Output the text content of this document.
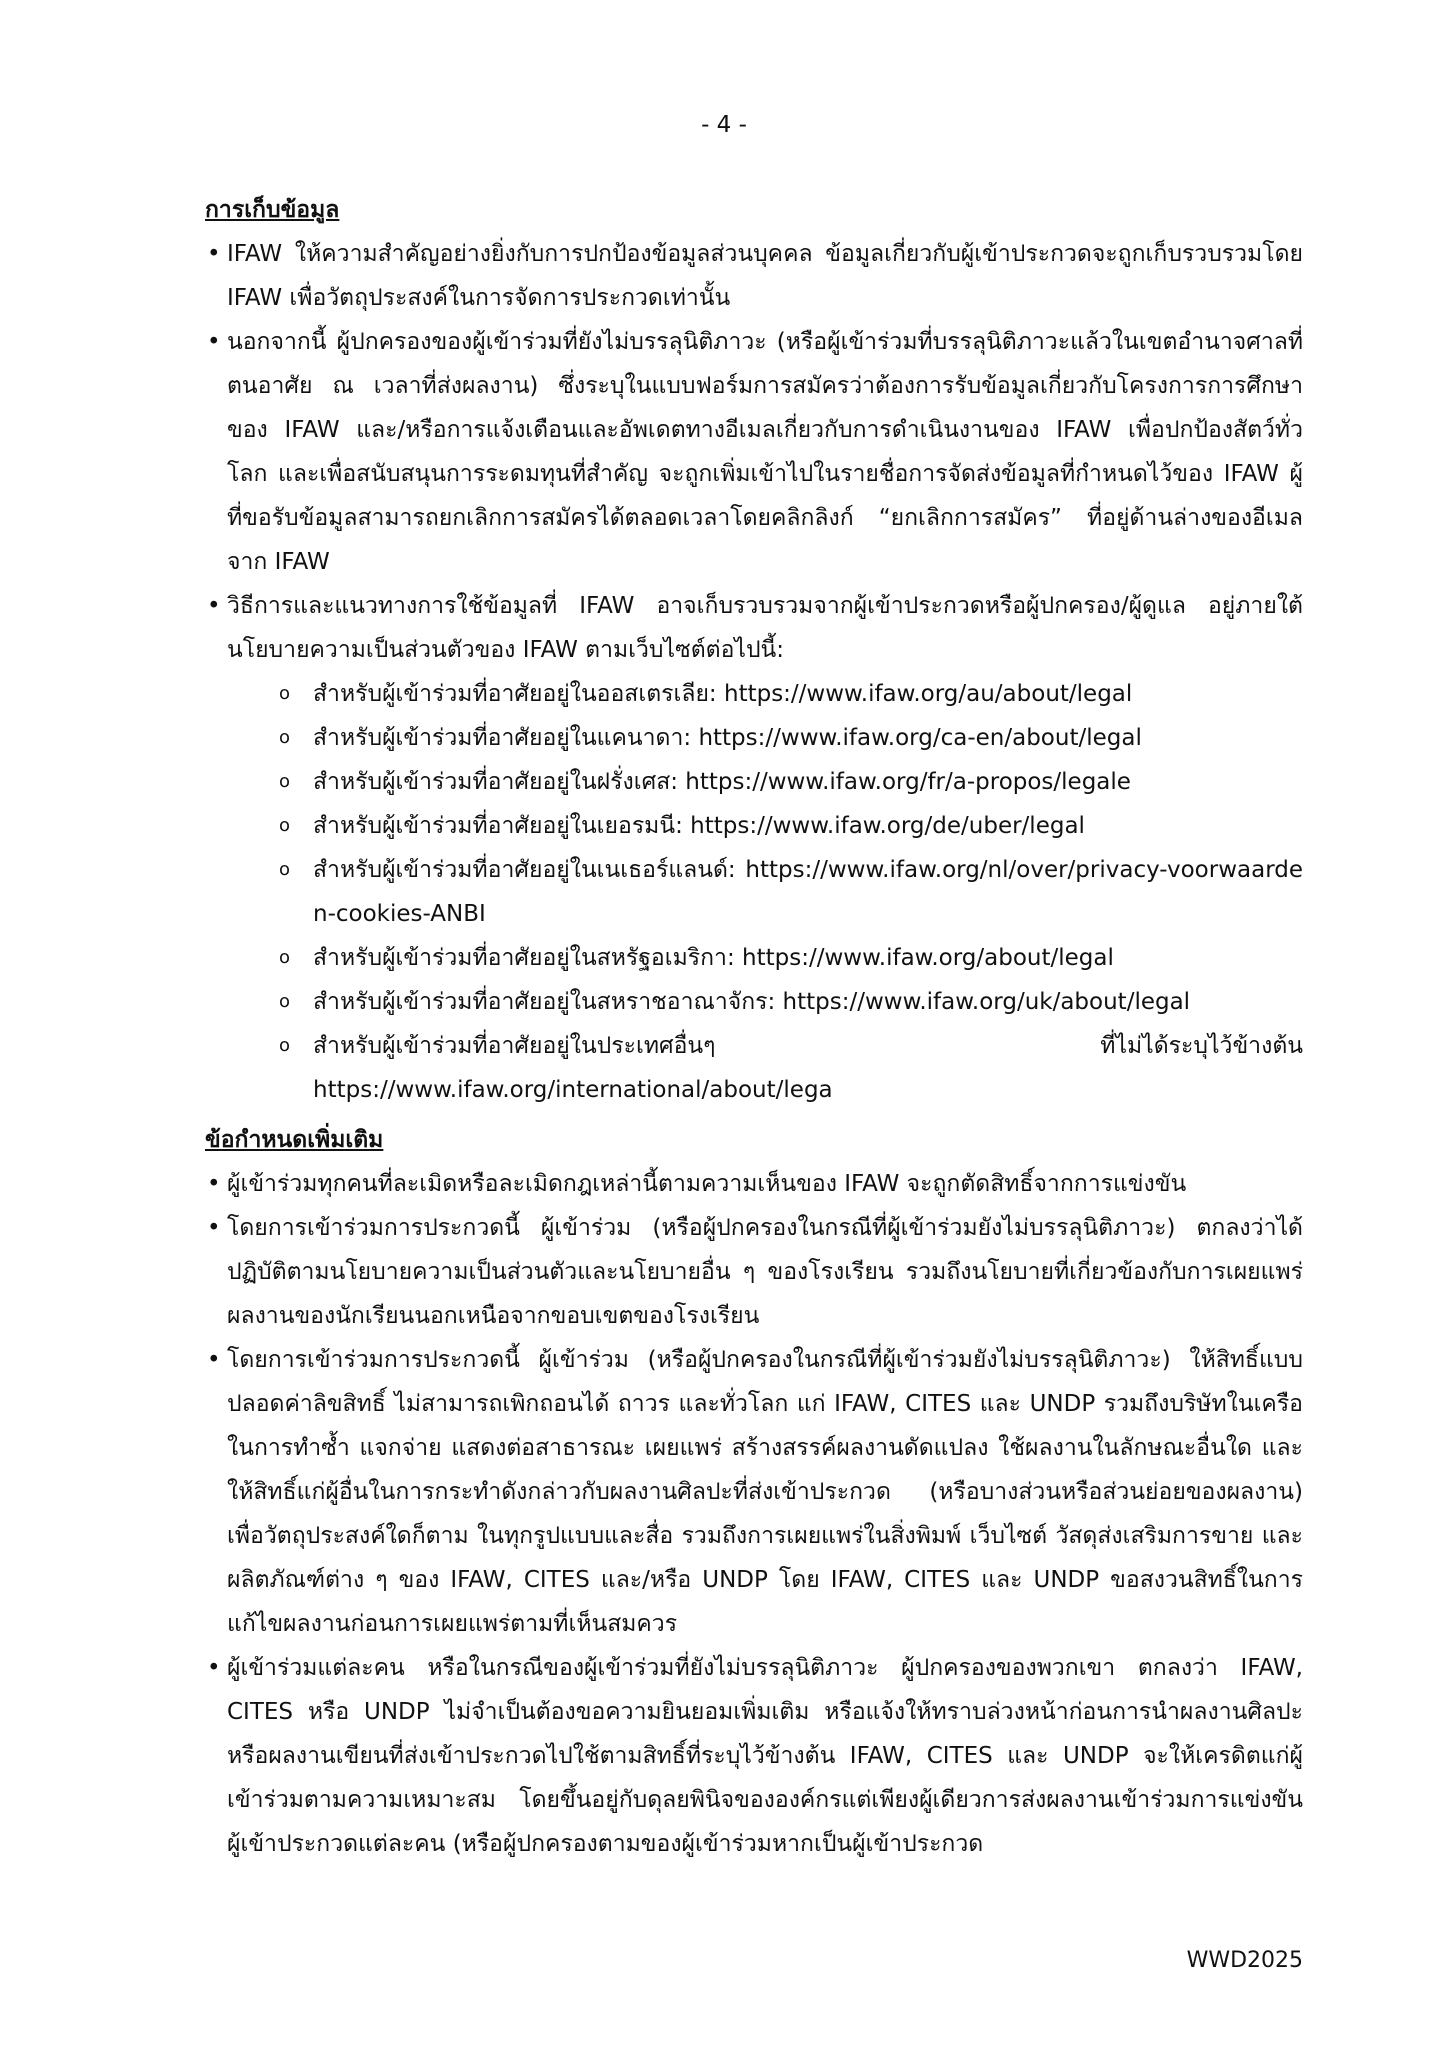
- 4 -
การเก็บข้อมูล
• IFAW ให้ความสำคัญอย่างยิ่งกับการปกป้องข้อมูลส่วนบุคคล ข้อมูลเกี่ยวกับผู้เข้าประกวดจะถูกเก็บรวบรวมโดย IFAW เพื่อวัตถุประสงค์ในการจัดการประกวดเท่านั้น
• นอกจากนี้ ผู้ปกครองของผู้เข้าร่วมที่ยังไม่บรรลุนิติภาวะ (หรือผู้เข้าร่วมที่บรรลุนิติภาวะแล้วในเขตอำนาจศาลที่ตนอาศัย ณ เวลาที่ส่งผลงาน) ซึ่งระบุในแบบฟอร์มการสมัครว่าต้องการรับข้อมูลเกี่ยวกับโครงการการศึกษาของ IFAW และ/หรือการแจ้งเตือนและอัพเดตทางอีเมลเกี่ยวกับการดำเนินงานของ IFAW เพื่อปกป้องสัตว์ทั่วโลก และเพื่อสนับสนุนการระดมทุนที่สำคัญ จะถูกเพิ่มเข้าไปในรายชื่อการจัดส่งข้อมูลที่กำหนดไว้ของ IFAW ผู้ที่ขอรับข้อมูลสามารถยกเลิกการสมัครได้ตลอดเวลาโดยคลิกลิงก์ “ยกเลิกการสมัคร” ที่อยู่ด้านล่างของอีเมลจาก IFAW
• วิธีการและแนวทางการใช้ข้อมูลที่ IFAW อาจเก็บรวบรวมจากผู้เข้าประกวดหรือผู้ปกครอง/ผู้ดูแล อยู่ภายใต้นโยบายความเป็นส่วนตัวของ IFAW ตามเว็บไซต์ต่อไปนี้:
o สำหรับผู้เข้าร่วมที่อาศัยอยู่ในออสเตรเลีย: https://www.ifaw.org/au/about/legal
o สำหรับผู้เข้าร่วมที่อาศัยอยู่ในแคนาดา: https://www.ifaw.org/ca-en/about/legal
o สำหรับผู้เข้าร่วมที่อาศัยอยู่ในฝรั่งเศส: https://www.ifaw.org/fr/a-propos/legale
o สำหรับผู้เข้าร่วมที่อาศัยอยู่ในเยอรมนี: https://www.ifaw.org/de/uber/legal
o สำหรับผู้เข้าร่วมที่อาศัยอยู่ในเนเธอร์แลนด์: https://www.ifaw.org/nl/over/privacy-voorwaarden-cookies-ANBI
o สำหรับผู้เข้าร่วมที่อาศัยอยู่ในสหรัฐอเมริกา: https://www.ifaw.org/about/legal
o สำหรับผู้เข้าร่วมที่อาศัยอยู่ในสหราชอาณาจักร: https://www.ifaw.org/uk/about/legal
o สำหรับผู้เข้าร่วมที่อาศัยอยู่ในประเทศอื่นๆ ที่ไม่ได้ระบุไว้ข้างต้น https://www.ifaw.org/international/about/lega
ข้อกำหนดเพิ่มเติม
• ผู้เข้าร่วมทุกคนที่ละเมิดหรือละเมิดกฎเหล่านี้ตามความเห็นของ IFAW จะถูกตัดสิทธิ์จากการแข่งขัน
• โดยการเข้าร่วมการประกวดนี้ ผู้เข้าร่วม (หรือผู้ปกครองในกรณีที่ผู้เข้าร่วมยังไม่บรรลุนิติภาวะ) ตกลงว่าได้ปฏิบัติตามนโยบายความเป็นส่วนตัวและนโยบายอื่น ๆ ของโรงเรียน รวมถึงนโยบายที่เกี่ยวข้องกับการเผยแพร่ผลงานของนักเรียนนอกเหนือจากขอบเขตของโรงเรียน
• โดยการเข้าร่วมการประกวดนี้ ผู้เข้าร่วม (หรือผู้ปกครองในกรณีที่ผู้เข้าร่วมยังไม่บรรลุนิติภาวะ) ให้สิทธิ์แบบปลอดค่าลิขสิทธิ์ ไม่สามารถเพิกถอนได้ ถาวร และทั่วโลก แก่ IFAW, CITES และ UNDP รวมถึงบริษัทในเครือ ในการทำซ้ำ แจกจ่าย แสดงต่อสาธารณะ เผยแพร่ สร้างสรรค์ผลงานดัดแปลง ใช้ผลงานในลักษณะอื่นใด และให้สิทธิ์แก่ผู้อื่นในการกระทำดังกล่าวกับผลงานศิลปะที่ส่งเข้าประกวด (หรือบางส่วนหรือส่วนย่อยของผลงาน) เพื่อวัตถุประสงค์ใดก็ตาม ในทุกรูปแบบและสื่อ รวมถึงการเผยแพร่ในสิ่งพิมพ์ เว็บไซต์ วัสดุส่งเสริมการขาย และผลิตภัณฑ์ต่าง ๆ ของ IFAW, CITES และ/หรือ UNDP โดย IFAW, CITES และ UNDP ขอสงวนสิทธิ์ในการแก้ไขผลงานก่อนการเผยแพร่ตามที่เห็นสมควร
• ผู้เข้าร่วมแต่ละคน หรือในกรณีของผู้เข้าร่วมที่ยังไม่บรรลุนิติภาวะ ผู้ปกครองของพวกเขา ตกลงว่า IFAW, CITES หรือ UNDP ไม่จำเป็นต้องขอความยินยอมเพิ่มเติม หรือแจ้งให้ทราบล่วงหน้าก่อนการนำผลงานศิลปะหรือผลงานเขียนที่ส่งเข้าประกวดไปใช้ตามสิทธิ์ที่ระบุไว้ข้างต้น IFAW, CITES และ UNDP จะให้เครดิตแก่ผู้เข้าร่วมตามความเหมาะสม โดยขึ้นอยู่กับดุลยพินิจขององค์กรแต่เพียงผู้เดียวการส่งผลงานเข้าร่วมการแข่งขัน ผู้เข้าประกวดแต่ละคน (หรือผู้ปกครองตามของผู้เข้าร่วมหากเป็นผู้เข้าประกวด
WWD2025
